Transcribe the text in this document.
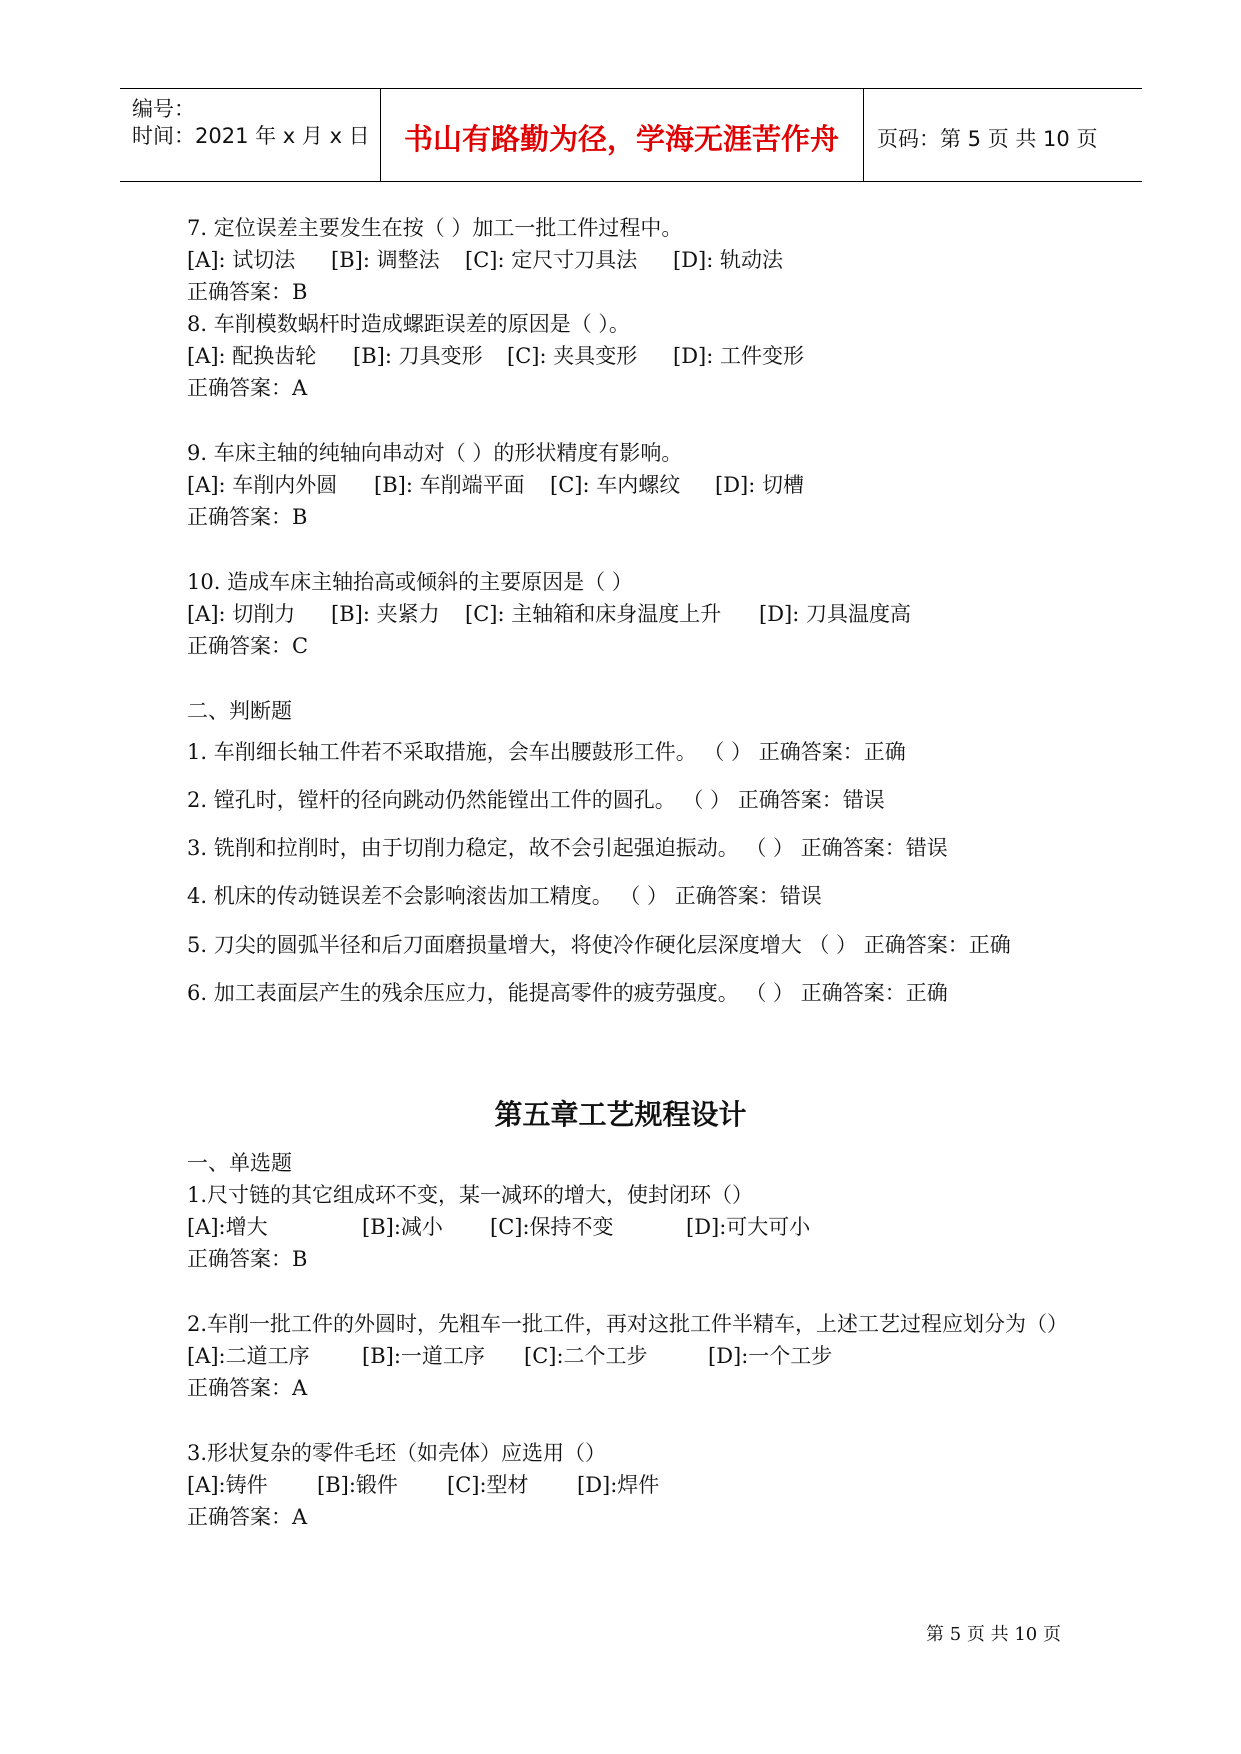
编号：
时间：2021 年 x 月 x 日	书山有路勤为径，学海无涯苦作舟	页码：第 5 页 共 10 页
7. 定位误差主要发生在按（ ）加工一批工件过程中。
[A]: 试切法 [B]: 调整法 [C]: 定尺寸刀具法 [D]: 轨动法
正确答案：B
8. 车削模数蜗杆时造成螺距误差的原因是（ ）。
[A]: 配换齿轮 [B]: 刀具变形 [C]: 夹具变形 [D]: 工件变形
正确答案：A
9. 车床主轴的纯轴向串动对（ ）的形状精度有影响。
[A]: 车削内外圆 [B]: 车削端平面 [C]: 车内螺纹 [D]: 切槽
正确答案：B
10. 造成车床主轴抬高或倾斜的主要原因是（ ）
[A]: 切削力 [B]: 夹紧力 [C]: 主轴箱和床身温度上升 [D]: 刀具温度高
正确答案：C
二、判断题
1. 车削细长轴工件若不采取措施，会车出腰鼓形工件。 （ ） 正确答案：正确
2. 镗孔时，镗杆的径向跳动仍然能镗出工件的圆孔。 （ ） 正确答案：错误
3. 铣削和拉削时，由于切削力稳定，故不会引起强迫振动。 （ ） 正确答案：错误
4. 机床的传动链误差不会影响滚齿加工精度。 （ ） 正确答案：错误
5. 刀尖的圆弧半径和后刀面磨损量增大，将使冷作硬化层深度增大 （ ） 正确答案：正确
6. 加工表面层产生的残余压应力，能提高零件的疲劳强度。 （ ） 正确答案：正确
第五章工艺规程设计
一、单选题
1.尺寸链的其它组成环不变，某一减环的增大，使封闭环（）
[A]:增大	[B]:减小 [C]:保持不变	[D]:可大可小
正确答案：B
2.车削一批工件的外圆时，先粗车一批工件，再对这批工件半精车，上述工艺过程应划分为（）
[A]:二道工序 [B]:一道工序 [C]:二个工步	[D]:一个工步
正确答案：A
3.形状复杂的零件毛坯（如壳体）应选用（）
[A]:铸件 [B]:锻件 [C]:型材 [D]:焊件
正确答案：A
第 5 页 共 10 页
